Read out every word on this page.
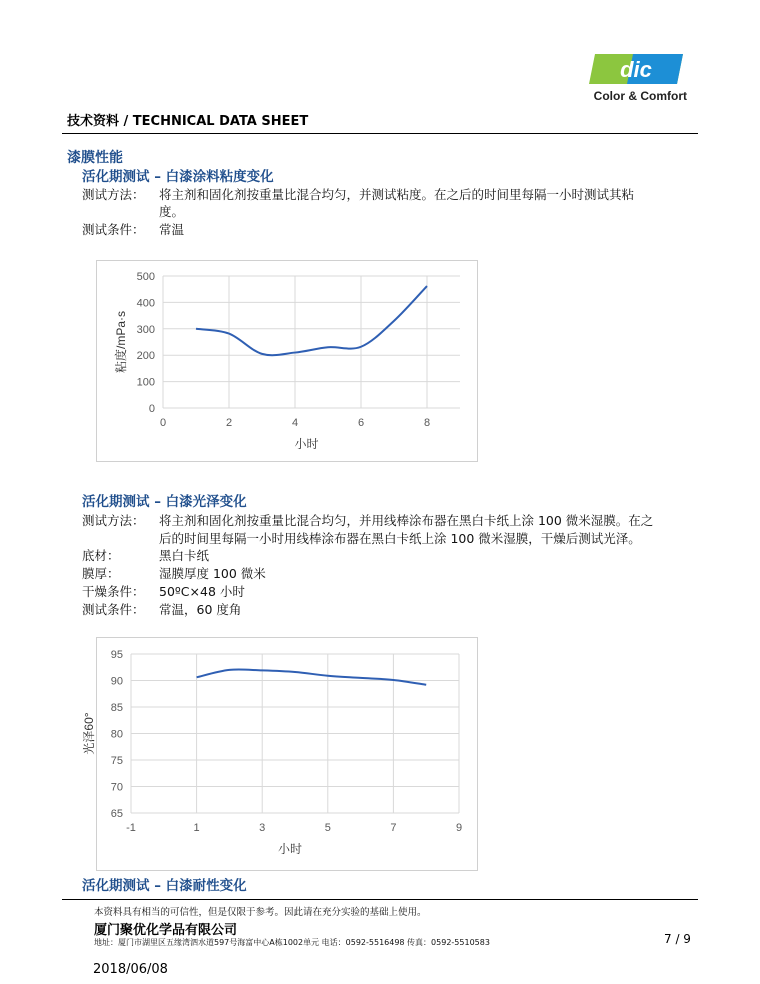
dic
Color & Comfort
技术资料 / TECHNICAL DATA SHEET
漆膜性能
活化期测试 – 白漆涂料粘度变化
测试方法：	将主剂和固化剂按重量比混合均匀，并测试粘度。在之后的时间里每隔一小时测试其粘
度。
测试条件：	常温
0
100
200
300
400
500
0	2	4	6	8
小时
粘度/mPa·s
活化期测试 – 白漆光泽变化
测试方法：	将主剂和固化剂按重量比混合均匀，并用线棒涂布器在黑白卡纸上涂 100 微米湿膜。在之
后的时间里每隔一小时用线棒涂布器在黑白卡纸上涂 100 微米湿膜，干燥后测试光泽。
底材：	黑白卡纸
膜厚：	湿膜厚度 100 微米
干燥条件：	50ºC×48 小时
测试条件：	常温，60 度角
65
70
75
80
85
90
95
-1	1	3	5	7	9
小时
光泽60°
活化期测试 – 白漆耐性变化
本资料具有相当的可信性，但是仅限于参考。因此请在充分实验的基础上使用。
厦门聚优化学品有限公司
地址：厦门市湖里区五缘湾泗水道597号海富中心A栋1002单元 电话：0592-5516498 传真：0592-5510583	7 / 9
2018/06/08
